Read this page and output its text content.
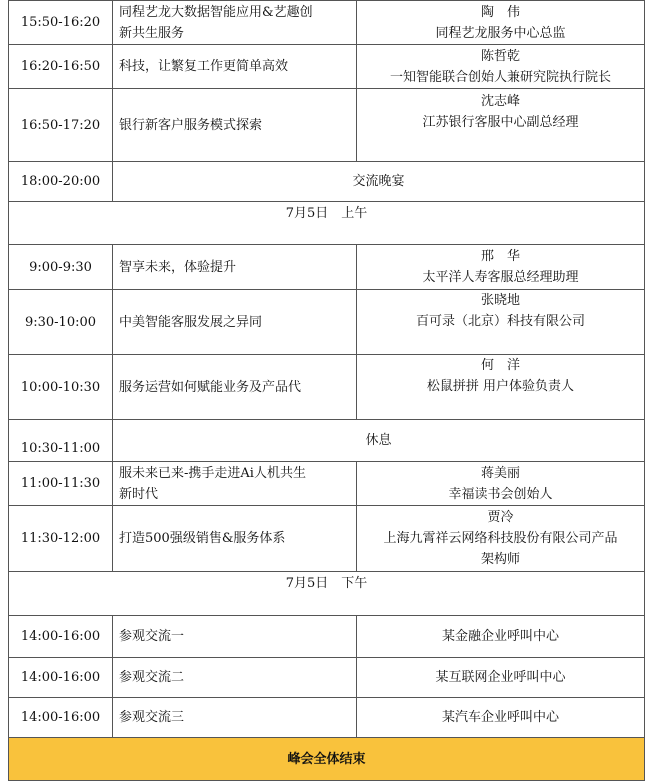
15:50-16:20	同程艺龙大数据智能应用&艺趣创
新共生服务	陶　伟
同程艺龙服务中心总监

16:20-16:50	科技，让繁复工作更简单高效	陈哲乾
一知智能联合创始人兼研究院执行院长

16:50-17:20	银行新客户服务模式探索	沈志峰
江苏银行客服中心副总经理

18:00-20:00	交流晚宴	
7月5日　上午		
9:00-9:30	智享未来，体验提升	邢　华
太平洋人寿客服总经理助理

9:30-10:00	中美智能客服发展之异同	张晓地
百可录（北京）科技有限公司

10:00-10:30	服务运营如何赋能业务及产品代	何　洋
松鼠拼拼 用户体验负责人

10:30-11:00	休息	
11:00-11:30	服未来已来-携手走进Ai人机共生
新时代	蒋美丽
幸福读书会创始人

11:30-12:00	打造500强级销售&服务体系	贾冷
上海九霄祥云网络科技股份有限公司产品
架构师

7月5日　下午		
14:00-16:00	参观交流一	某金融企业呼叫中心

14:00-16:00	参观交流二	某互联网企业呼叫中心

14:00-16:00	参观交流三	某汽车企业呼叫中心

峰会全体结束		
